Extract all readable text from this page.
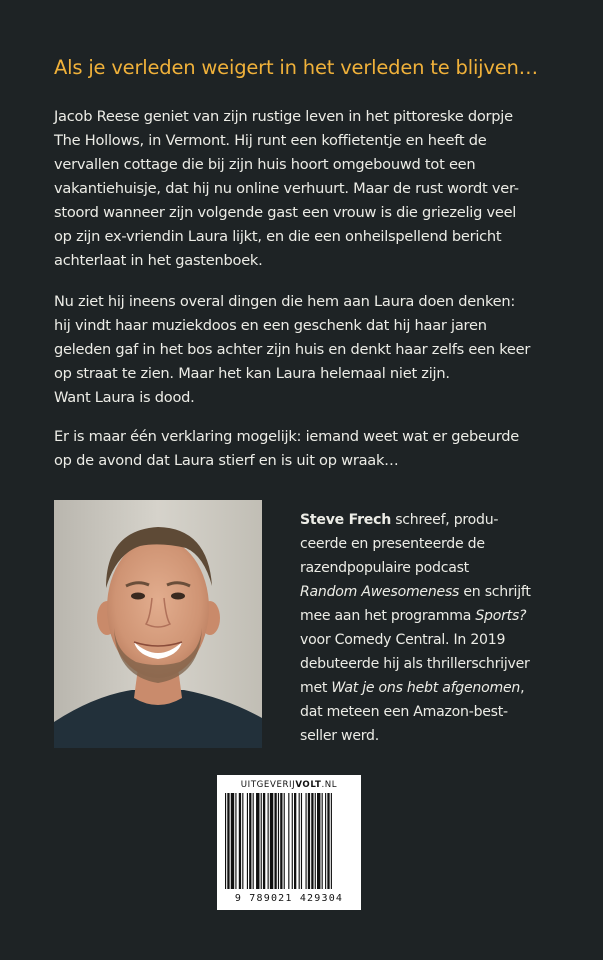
Als je verleden weigert in het verleden te blijven…
Jacob Reese geniet van zijn rustige leven in het pittoreske dorpje
The Hollows, in Vermont. Hij runt een koffietentje en heeft de
vervallen cottage die bij zijn huis hoort omgebouwd tot een
vakantiehuisje, dat hij nu online verhuurt. Maar de rust wordt ver-
stoord wanneer zijn volgende gast een vrouw is die griezelig veel
op zijn ex-vriendin Laura lijkt, en die een onheilspellend bericht
achterlaat in het gastenboek.
Nu ziet hij ineens overal dingen die hem aan Laura doen denken:
hij vindt haar muziekdoos en een geschenk dat hij haar jaren
geleden gaf in het bos achter zijn huis en denkt haar zelfs een keer
op straat te zien. Maar het kan Laura helemaal niet zijn.
Want Laura is dood.
Er is maar één verklaring mogelijk: iemand weet wat er gebeurde
op de avond dat Laura stierf en is uit op wraak…
Steve Frech schreef, produ-
ceerde en presenteerde de
razendpopulaire podcast
Random Awesomeness en schrijft
mee aan het programma Sports?
voor Comedy Central. In 2019
debuteerde hij als thrillerschrijver
met Wat je ons hebt afgenomen,
dat meteen een Amazon-best-
seller werd.
UITGEVERIJVOLT.NL
9 789021 429304
